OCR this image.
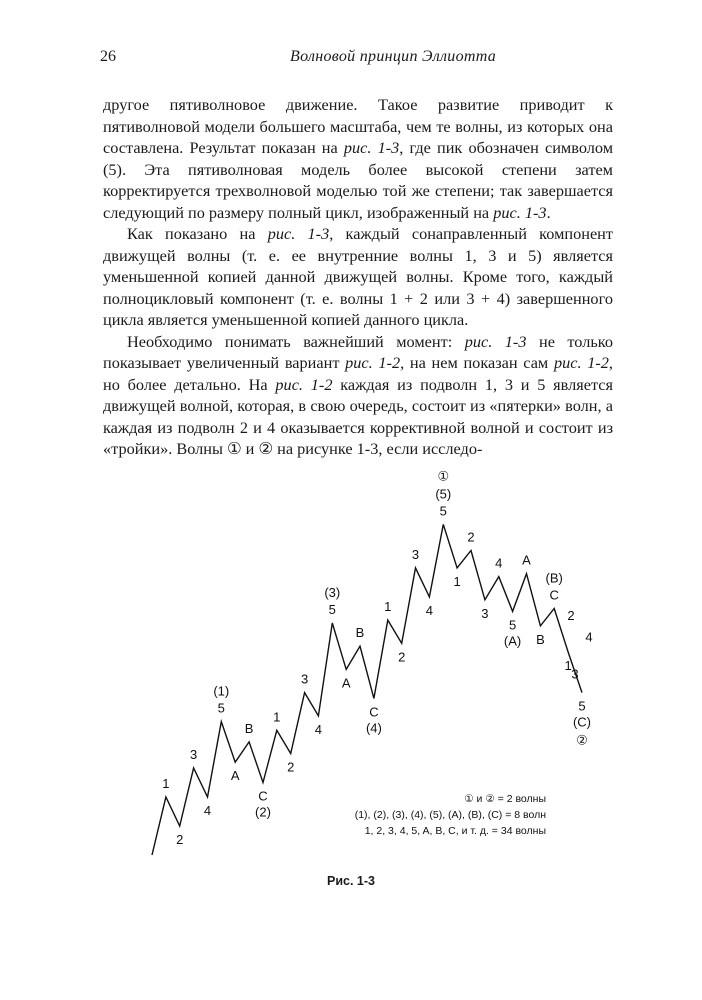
26	Волновой принцип Эллиотта

другое пятиволновое движение. Такое развитие приводит к пятиволновой модели большего масштаба, чем те волны, из которых она составлена. Результат показан на рис. 1-3, где пик обозначен символом (5). Эта пятиволновая модель более высокой степени затем корректируется трехволновой моделью той же степени; так завершается следующий по размеру полный цикл, изображенный на рис. 1-3.

Как показано на рис. 1-3, каждый сонаправленный компонент движущей волны (т. е. ее внутренние волны 1, 3 и 5) является уменьшенной копией данной движущей волны. Кроме того, каждый полноцикловый компонент (т. е. волны 1 + 2 или 3 + 4) завершенного цикла является уменьшенной копией данного цикла.

Необходимо понимать важнейший момент: рис. 1-3 не только показывает увеличенный вариант рис. 1-2, на нем показан сам рис. 1-2, но более детально. На рис. 1-2 каждая из подволн 1, 3 и 5 является движущей волной, которая, в свою очередь, состоит из «пятерки» волн, а каждая из подволн 2 и 4 оказывается коррективной волной и состоит из «тройки». Волны ① и ② на рисунке 1-3, если исследо-

1
2
3
4
5
(1)
A
B
C
(2)
1
2
3
4
5
(3)
A
B
C
(4)
1
2
3
4
5
(5)
①
1
2
3
4
5
(A)
A
B
C
(B)
1
2
3
4
5
(C)
②
① и ② = 2 волны
(1), (2), (3), (4), (5), (A), (B), (C) = 8 волн
1, 2, 3, 4, 5, A, B, C, и т. д. = 34 волны
Рис. 1-3
